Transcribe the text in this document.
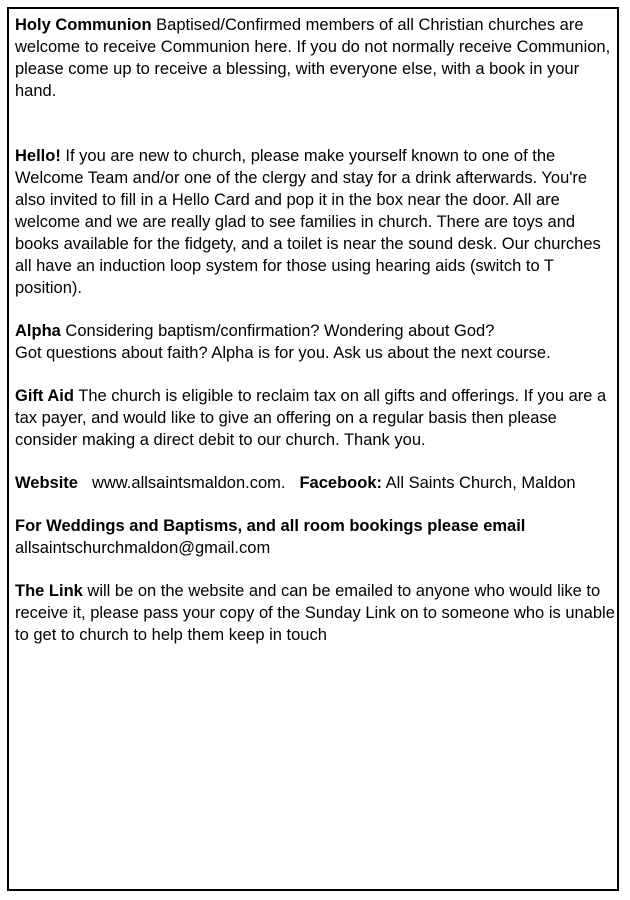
Holy Communion Baptised/Confirmed members of all Christian churches are welcome to receive Communion here. If you do not normally receive Communion, please come up to receive a blessing, with everyone else, with a book in your hand.

Hello! If you are new to church, please make yourself known to one of the Welcome Team and/or one of the clergy and stay for a drink afterwards. You're also invited to fill in a Hello Card and pop it in the box near the door. All are welcome and we are really glad to see families in church. There are toys and books available for the fidgety, and a toilet is near the sound desk. Our churches all have an induction loop system for those using hearing aids (switch to T position).

Alpha Considering baptism/confirmation? Wondering about God?
Got questions about faith? Alpha is for you. Ask us about the next course.

Gift Aid The church is eligible to reclaim tax on all gifts and offerings. If you are a tax payer, and would like to give an offering on a regular basis then please consider making a direct debit to our church. Thank you.

Website www.allsaintsmaldon.com. Facebook: All Saints Church, Maldon

For Weddings and Baptisms, and all room bookings please email allsaintschurchmaldon@gmail.com

The Link will be on the website and can be emailed to anyone who would like to receive it, please pass your copy of the Sunday Link on to someone who is unable to get to church to help them keep in touch
